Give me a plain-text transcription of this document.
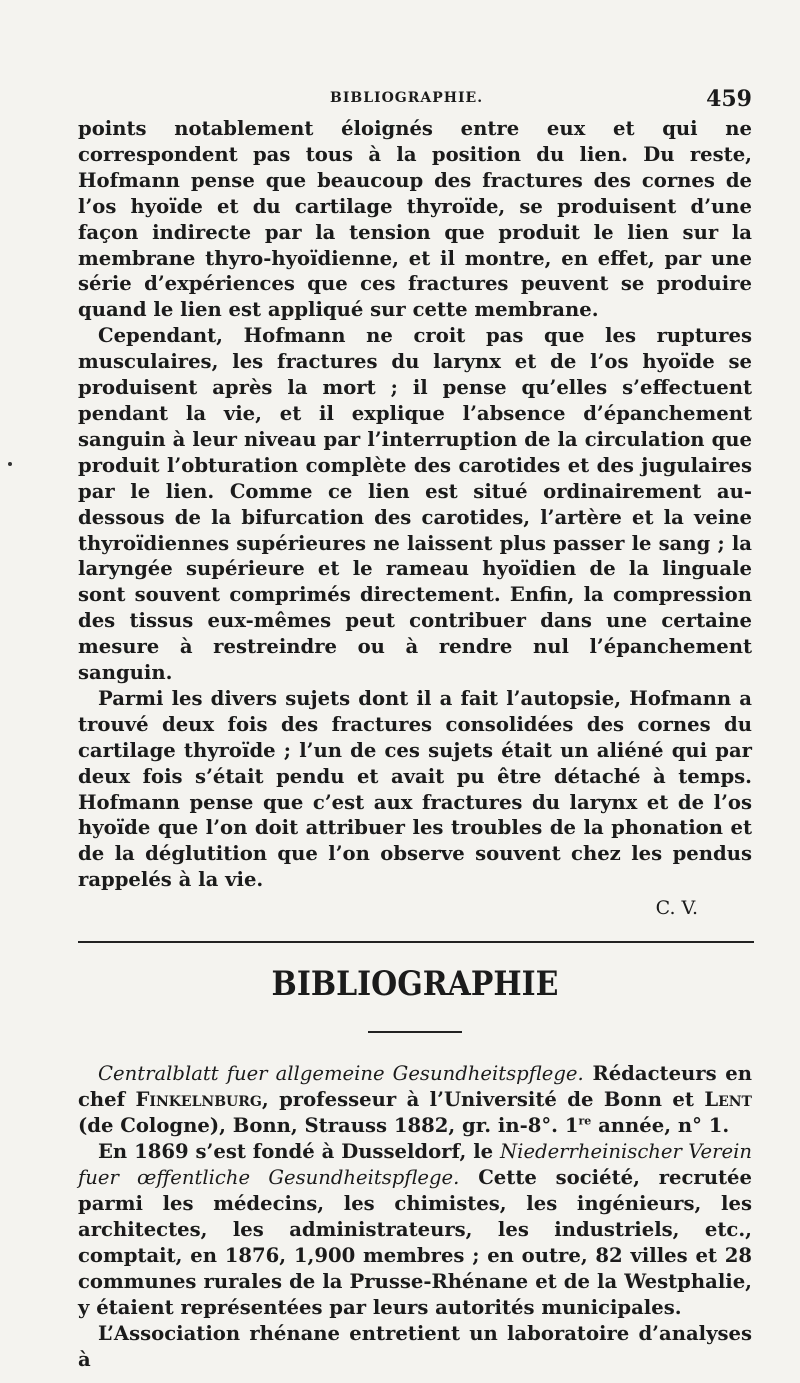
BIBLIOGRAPHIE.	459

points notablement éloignés entre eux et qui ne correspondent pas tous à la position du lien. Du reste, Hofmann pense que beaucoup des fractures des cornes de l’os hyoïde et du cartilage thyroïde, se produisent d’une façon indirecte par la tension que produit le lien sur la membrane thyro-hyoïdienne, et il montre, en effet, par une série d’expériences que ces fractures peuvent se produire quand le lien est appliqué sur cette membrane.

Cependant, Hofmann ne croit pas que les ruptures musculaires, les fractures du larynx et de l’os hyoïde se produisent après la mort ; il pense qu’elles s’effectuent pendant la vie, et il explique l’absence d’épanchement sanguin à leur niveau par l’interruption de la circulation que produit l’obturation complète des carotides et des jugulaires par le lien. Comme ce lien est situé ordinairement au-dessous de la bifurcation des carotides, l’artère et la veine thyroïdiennes supérieures ne laissent plus passer le sang ; la laryngée supérieure et le rameau hyoïdien de la linguale sont souvent comprimés directement. Enfin, la compression des tissus eux-mêmes peut contribuer dans une certaine mesure à restreindre ou à rendre nul l’épanchement sanguin.

Parmi les divers sujets dont il a fait l’autopsie, Hofmann a trouvé deux fois des fractures consolidées des cornes du cartilage thyroïde ; l’un de ces sujets était un aliéné qui par deux fois s’était pendu et avait pu être détaché à temps. Hofmann pense que c’est aux fractures du larynx et de l’os hyoïde que l’on doit attribuer les troubles de la phonation et de la déglutition que l’on observe souvent chez les pendus rappelés à la vie.

C. V.
BIBLIOGRAPHIE

Centralblatt fuer allgemeine Gesundheitspflege. Rédacteurs en chef Finkelnburg, professeur à l’Université de Bonn et Lent (de Cologne), Bonn, Strauss 1882, gr. in-8°. 1re année, n° 1.

En 1869 s’est fondé à Dusseldorf, le Niederrheinischer Verein fuer œffentliche Gesundheitspflege. Cette société, recrutée parmi les médecins, les chimistes, les ingénieurs, les architectes, les administrateurs, les industriels, etc., comptait, en 1876, 1,900 membres ; en outre, 82 villes et 28 communes rurales de la Prusse-Rhénane et de la Westphalie, y étaient représentées par leurs autorités municipales.

L’Association rhénane entretient un laboratoire d’analyses à
